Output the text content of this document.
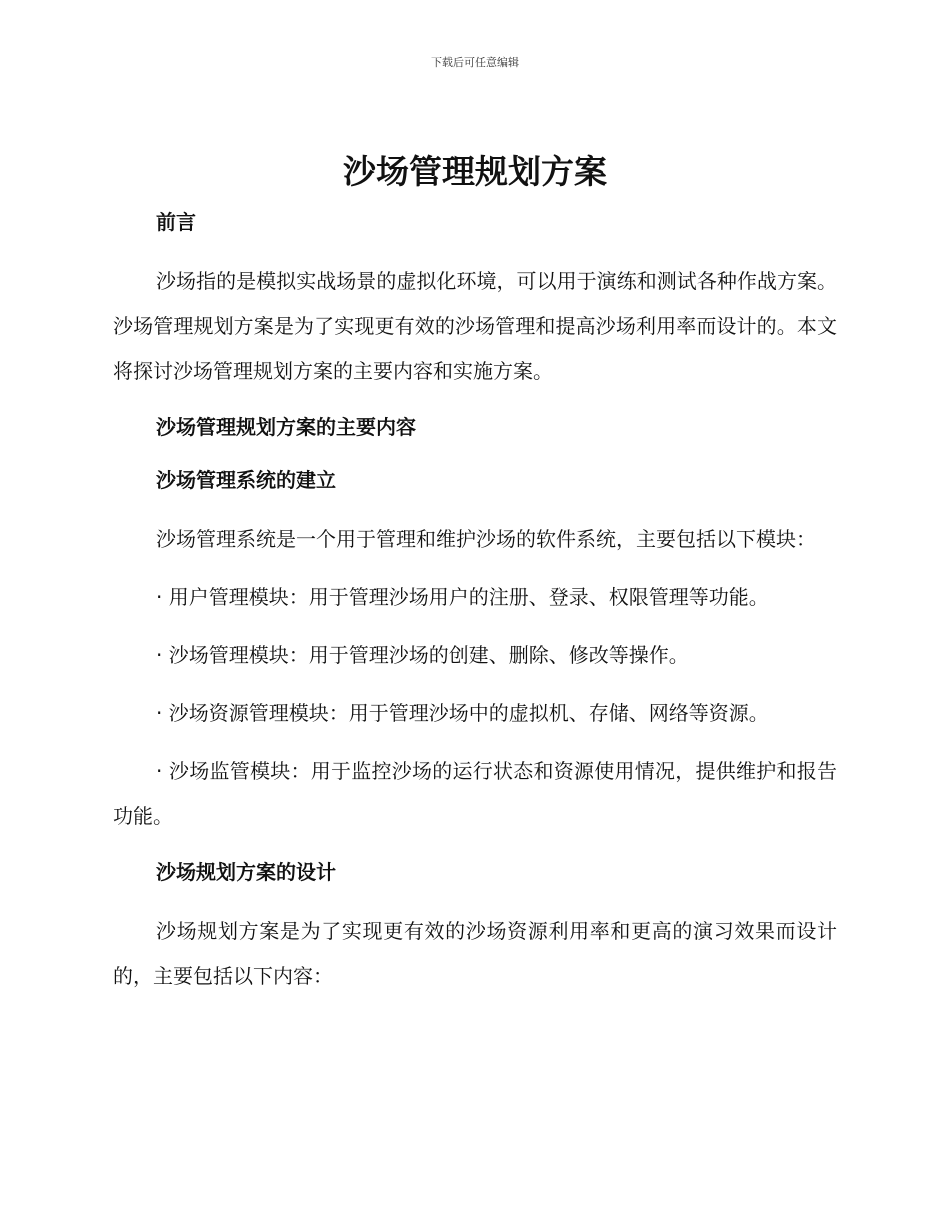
下载后可任意编辑
沙场管理规划方案

前言

沙场指的是模拟实战场景的虚拟化环境，可以用于演练和测试各种作战方案。沙场管理规划方案是为了实现更有效的沙场管理和提高沙场利用率而设计的。本文将探讨沙场管理规划方案的主要内容和实施方案。

沙场管理规划方案的主要内容

沙场管理系统的建立

沙场管理系统是一个用于管理和维护沙场的软件系统，主要包括以下模块：

· 用户管理模块：用于管理沙场用户的注册、登录、权限管理等功能。

· 沙场管理模块：用于管理沙场的创建、删除、修改等操作。

· 沙场资源管理模块：用于管理沙场中的虚拟机、存储、网络等资源。

· 沙场监管模块：用于监控沙场的运行状态和资源使用情况，提供维护和报告功能。

沙场规划方案的设计

沙场规划方案是为了实现更有效的沙场资源利用率和更高的演习效果而设计的，主要包括以下内容：
